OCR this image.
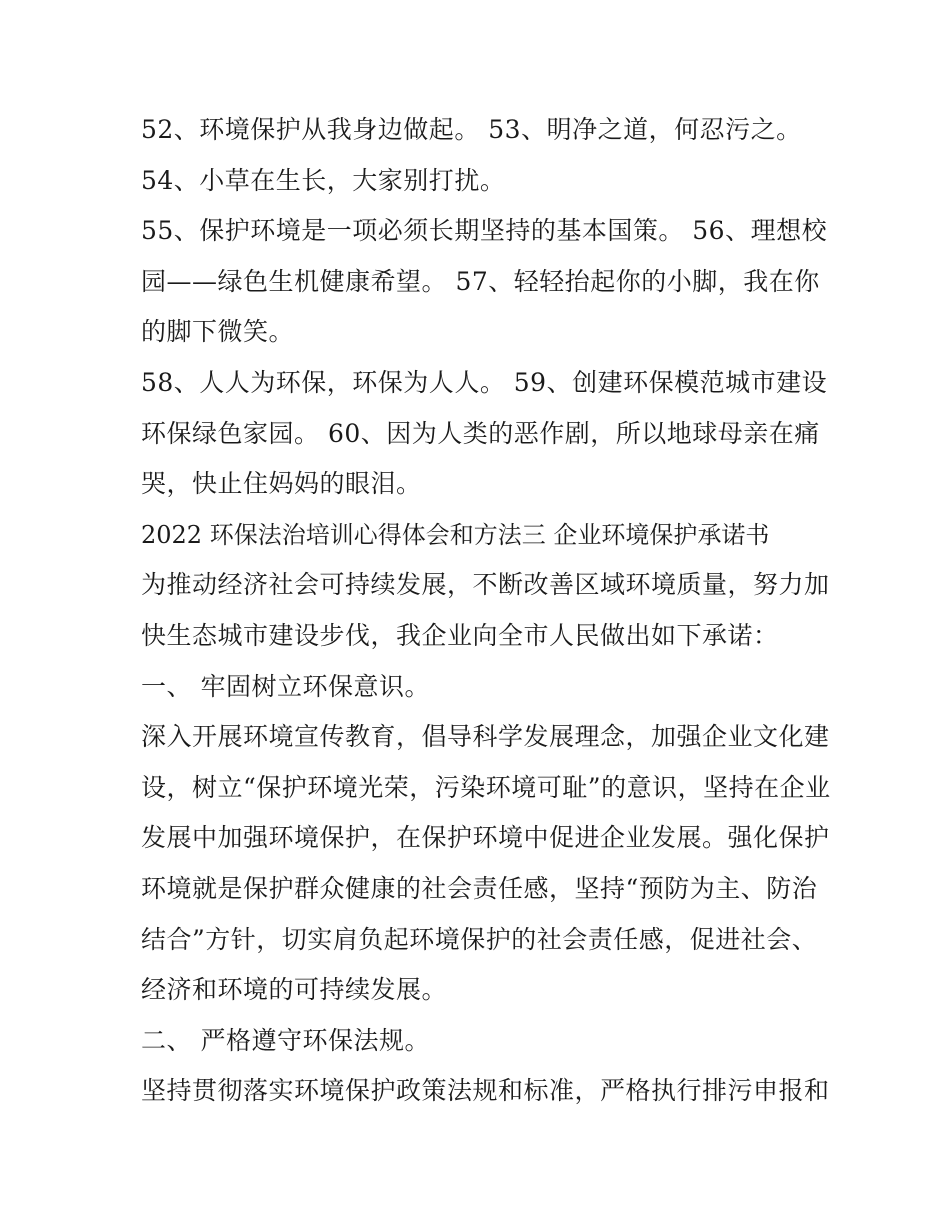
52、环境保护从我身边做起。 53、明净之道，何忍污之。
54、小草在生长，大家别打扰。
55、保护环境是一项必须长期坚持的基本国策。 56、理想校
园——绿色生机健康希望。 57、轻轻抬起你的小脚，我在你
的脚下微笑。
58、人人为环保，环保为人人。 59、创建环保模范城市建设
环保绿色家园。 60、因为人类的恶作剧，所以地球母亲在痛
哭，快止住妈妈的眼泪。
2022 环保法治培训心得体会和方法三 企业环境保护承诺书
为推动经济社会可持续发展，不断改善区域环境质量，努力加
快生态城市建设步伐，我企业向全市人民做出如下承诺：
一、 牢固树立环保意识。
深入开展环境宣传教育，倡导科学发展理念，加强企业文化建
设，树立“保护环境光荣，污染环境可耻”的意识，坚持在企业
发展中加强环境保护，在保护环境中促进企业发展。强化保护
环境就是保护群众健康的社会责任感，坚持“预防为主、防治
结合”方针，切实肩负起环境保护的社会责任感，促进社会、
经济和环境的可持续发展。
二、 严格遵守环保法规。
坚持贯彻落实环境保护政策法规和标准，严格执行排污申报和
